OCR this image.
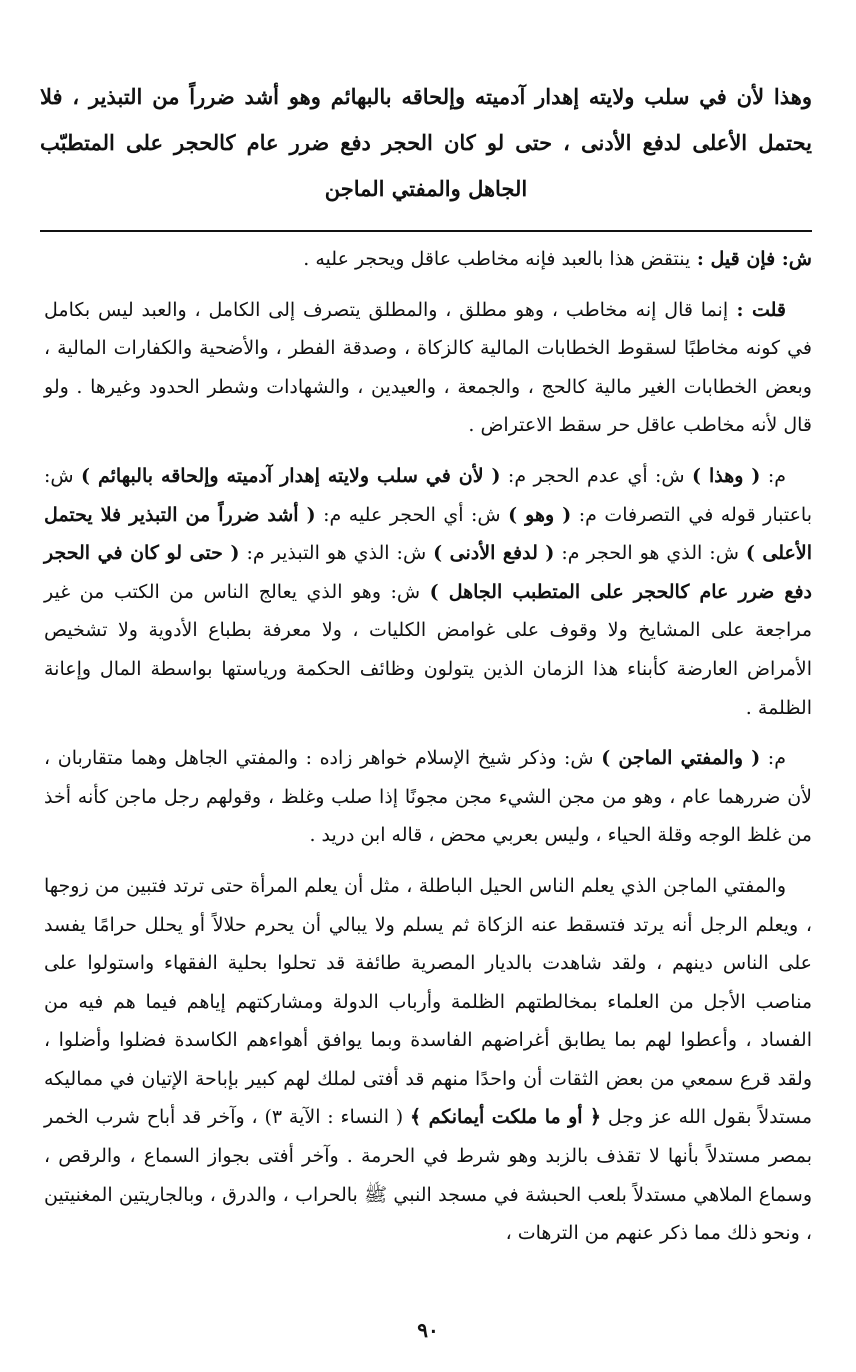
وهذا لأن في سلب ولايته إهدار آدميته وإلحاقه بالبهائم وهو أشد ضرراً من التبذير ، فلا يحتمل الأعلى لدفع الأدنى ، حتى لو كان الحجر دفع ضرر عام كالحجر على المتطبّب الجاهل والمفتي الماجن

ش: فإن قيل : ينتقض هذا بالعبد فإنه مخاطب عاقل ويحجر عليه .

قلت : إنما قال إنه مخاطب ، وهو مطلق ، والمطلق يتصرف إلى الكامل ، والعبد ليس بكامل في كونه مخاطبًا لسقوط الخطابات المالية كالزكاة ، وصدقة الفطر ، والأضحية والكفارات المالية ، وبعض الخطابات الغير مالية كالحج ، والجمعة ، والعيدين ، والشهادات وشطر الحدود وغيرها . ولو قال لأنه مخاطب عاقل حر سقط الاعتراض .

م: ( وهذا ) ش: أي عدم الحجر م: ( لأن في سلب ولايته إهدار آدميته وإلحاقه بالبهائم ) ش: باعتبار قوله في التصرفات م: ( وهو ) ش: أي الحجر عليه م: ( أشد ضرراً من التبذير فلا يحتمل الأعلى ) ش: الذي هو الحجر م: ( لدفع الأدنى ) ش: الذي هو التبذير م: ( حتى لو كان في الحجر دفع ضرر عام كالحجر على المتطبب الجاهل ) ش: وهو الذي يعالج الناس من الكتب من غير مراجعة على المشايخ ولا وقوف على غوامض الكليات ، ولا معرفة بطباع الأدوية ولا تشخيص الأمراض العارضة كأبناء هذا الزمان الذين يتولون وظائف الحكمة ورياستها بواسطة المال وإعانة الظلمة .

م: ( والمفتي الماجن ) ش: وذكر شيخ الإسلام خواهر زاده : والمفتي الجاهل وهما متقاربان ، لأن ضررهما عام ، وهو من مجن الشيء مجن مجونًا إذا صلب وغلظ ، وقولهم رجل ماجن كأنه أخذ من غلظ الوجه وقلة الحياء ، وليس بعربي محض ، قاله ابن دريد .

والمفتي الماجن الذي يعلم الناس الحيل الباطلة ، مثل أن يعلم المرأة حتى ترتد فتبين من زوجها ، ويعلم الرجل أنه يرتد فتسقط عنه الزكاة ثم يسلم ولا يبالي أن يحرم حلالاً أو يحلل حرامًا يفسد على الناس دينهم ، ولقد شاهدت بالديار المصرية طائفة قد تحلوا بحلية الفقهاء واستولوا على مناصب الأجل من العلماء بمخالطتهم الظلمة وأرباب الدولة ومشاركتهم إياهم فيما هم فيه من الفساد ، وأعطوا لهم بما يطابق أغراضهم الفاسدة وبما يوافق أهواءهم الكاسدة فضلوا وأضلوا ، ولقد قرع سمعي من بعض الثقات أن واحدًا منهم قد أفتى لملك لهم كبير بإباحة الإتيان في مماليكه مستدلاً بقول الله عز وجل ﴿ أو ما ملكت أيمانكم ﴾ ( النساء : الآية ٣) ، وآخر قد أباح شرب الخمر بمصر مستدلاً بأنها لا تقذف بالزبد وهو شرط في الحرمة . وآخر أفتى بجواز السماع ، والرقص ، وسماع الملاهي مستدلاً بلعب الحبشة في مسجد النبي ﷺ بالحراب ، والدرق ، وبالجاريتين المغنيتين ، ونحو ذلك مما ذكر عنهم من الترهات ،

٩٠
